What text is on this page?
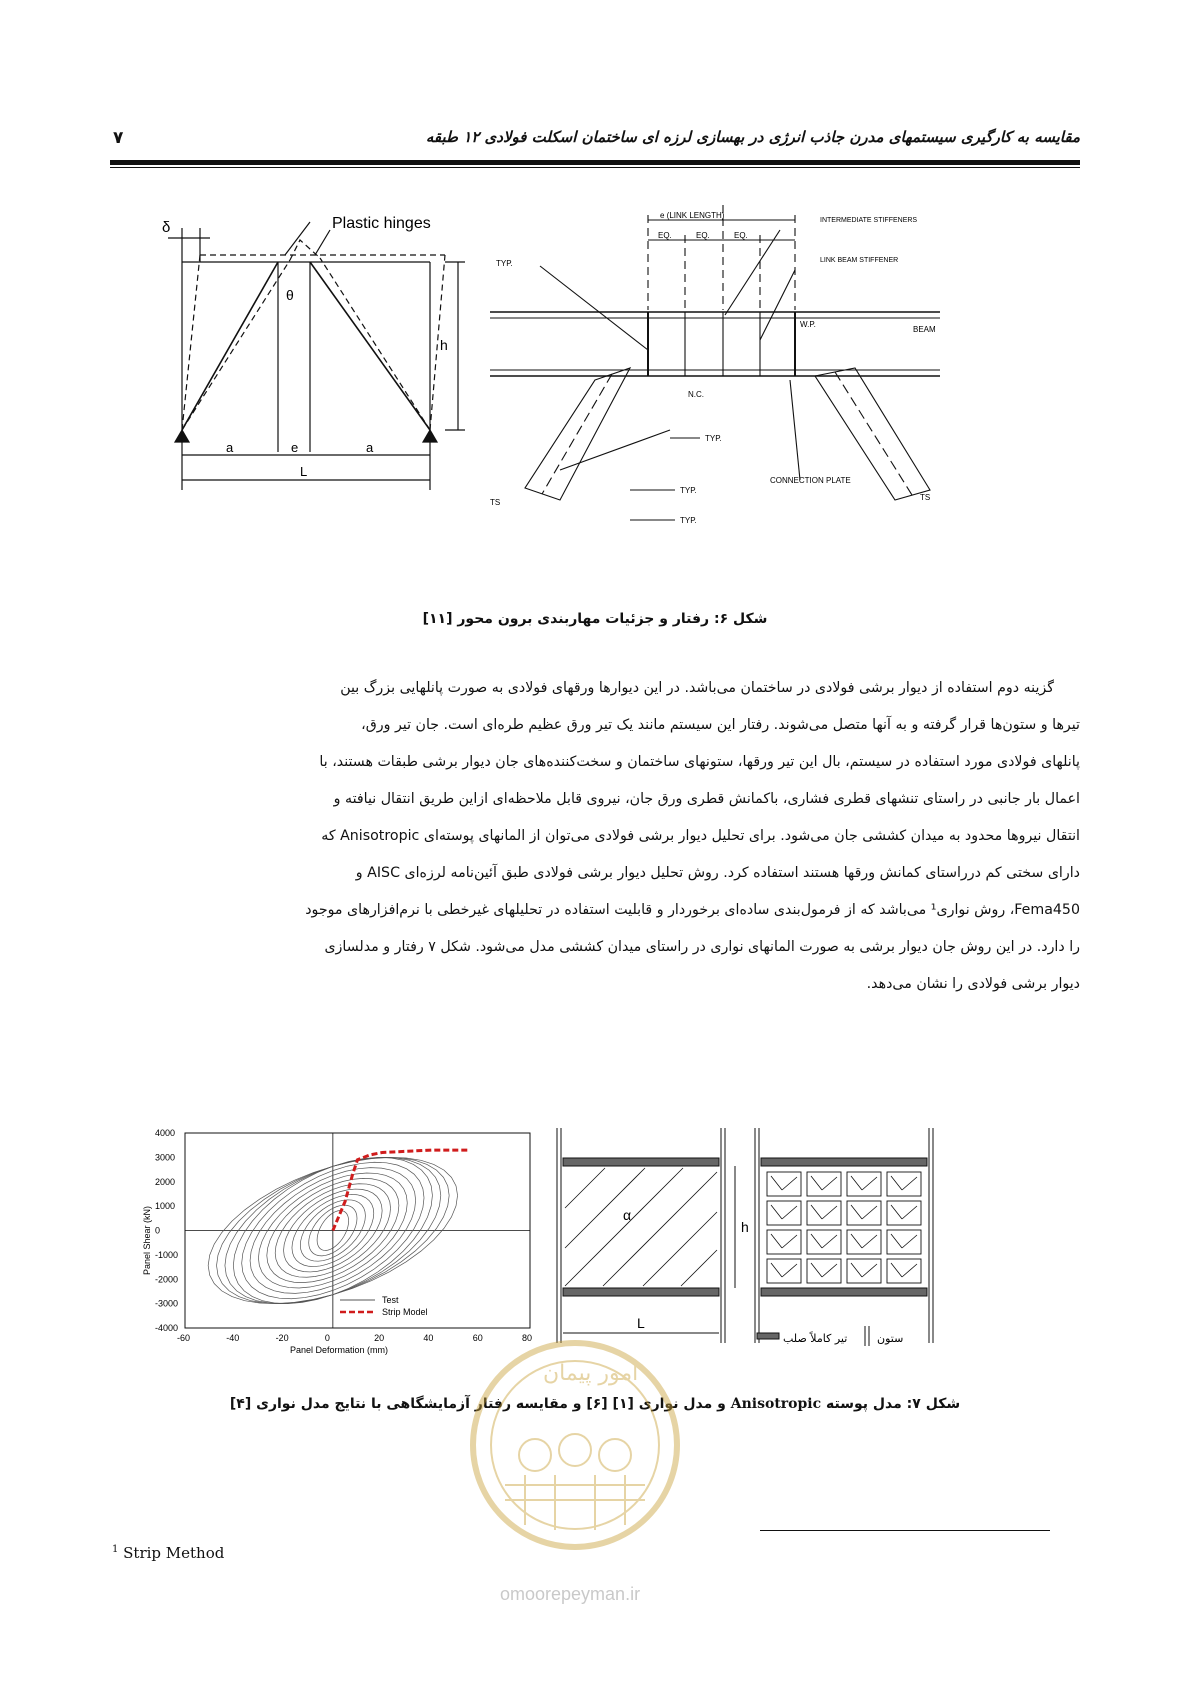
مقایسه به کارگیری سیستمهای مدرن جاذب انرژی در بهسازی لرزه ای ساختمان اسکلت فولادی ۱۲ طبقه
۷
Plastic hinges
δ
θ
h
a	e	a
L
e (LINK LENGTH)
EQ.	EQ.	EQ.
INTERMEDIATE STIFFENERS
LINK BEAM STIFFENER
TYP.
W.P.
BEAM
N.C.
TYP.
TYP.
TYP.
CONNECTION PLATE
TS
TS
شکل ۶: رفتار و جزئیات مهاربندی برون محور [۱۱]
گزینه دوم استفاده از دیوار برشی فولادی در ساختمان می‌باشد. در این دیوارها ورقهای فولادی به صورت پانلهایی بزرگ بین
تیرها و ستون‌ها قرار گرفته و به آنها متصل می‌شوند. رفتار این سیستم مانند یک تیر ورق عظیم طره‌ای است. جان تیر ورق،
پانلهای فولادی مورد استفاده در سیستم، بال این تیر ورقها، ستونهای ساختمان و سخت‌کننده‌های جان دیوار برشی طبقات هستند، با
اعمال بار جانبی در راستای تنشهای قطری فشاری، باکمانش قطری ورق جان، نیروی قابل ملاحظه‌ای ازاین طریق انتقال نیافته و
انتقال نیروها محدود به میدان کششی جان می‌شود. برای تحلیل دیوار برشی فولادی می‌توان از المانهای پوسته‌ای Anisotropic که
دارای سختی کم درراستای کمانش ورقها هستند استفاده کرد. روش تحلیل دیوار برشی فولادی طبق آئین‌نامه لرزه‌ای AISC و
Fema450، روش نواری¹ می‌باشد که از فرمول‌بندی ساده‌ای برخوردار و قابلیت استفاده در تحلیلهای غیرخطی با نرم‌افزارهای موجود
را دارد. در این روش جان دیوار برشی به صورت المانهای نواری در راستای میدان کششی مدل می‌شود. شکل ۷ رفتار و مدلسازی
دیوار برشی فولادی را نشان می‌دهد.
-60	-40	-20	0	20	40	60	80
4000
3000
2000
1000
0
-1000
-2000
-3000
-4000
Test
Strip Model
Panel Deformation (mm)
Panel Shear (kN)	α
h
L
تیر کاملاً صلب	ستون
شکل ۷: مدل پوسته Anisotropic و مدل نواری [۱] [۶] و مقایسه رفتار آزمایشگاهی با نتایج مدل نواری [۴]
امور پیمان
omoorepeyman.ir
$^1$ Strip Method
